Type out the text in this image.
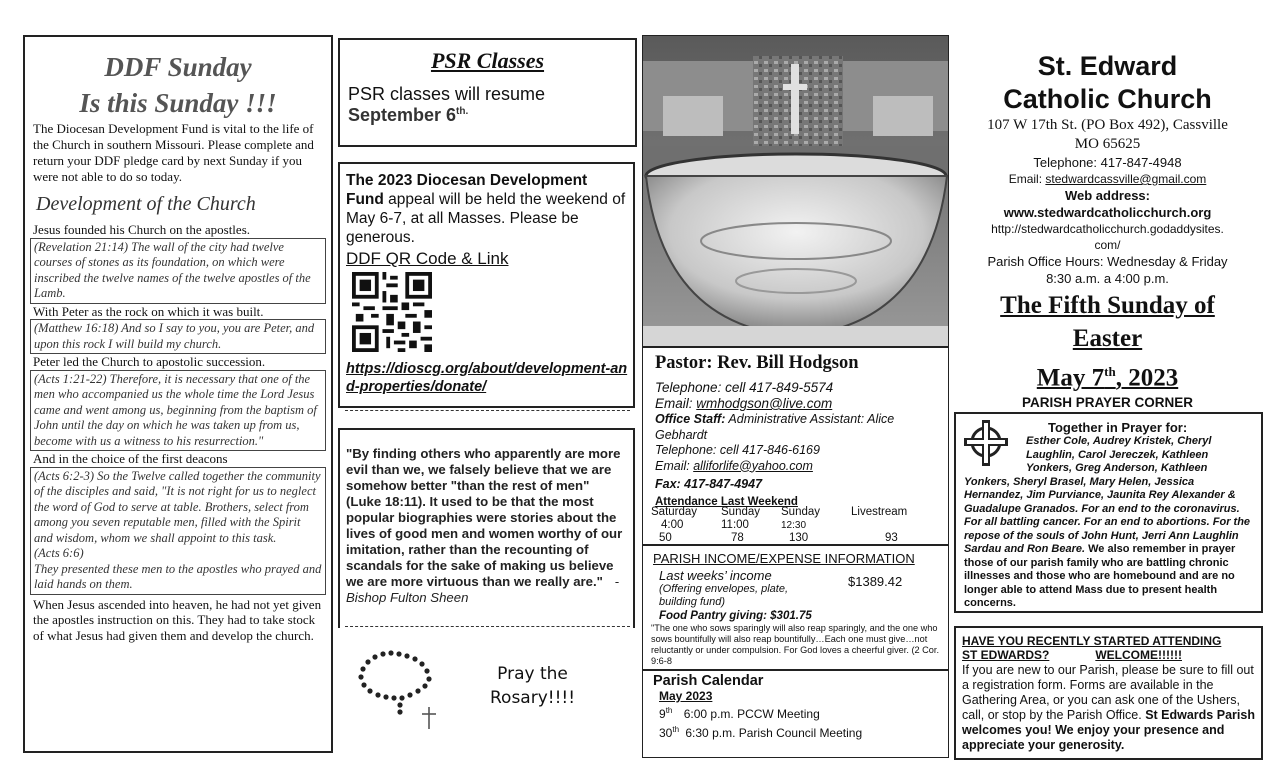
DDF Sunday
Is this Sunday !!!

The Diocesan Development Fund is vital to the life of the Church in southern Missouri. Please complete and return your DDF pledge card by next Sunday if you were not able to do so today.

Development of the Church
Jesus founded his Church on the apostles.
(Revelation 21:14) The wall of the city had twelve courses of stones as its foundation, on which were inscribed the twelve names of the twelve apostles of the Lamb.
With Peter as the rock on which it was built.
(Matthew 16:18) And so I say to you, you are Peter, and upon this rock I will build my church.
Peter led the Church to apostolic succession.
(Acts 1:21-22) Therefore, it is necessary that one of the men who accompanied us the whole time the Lord Jesus came and went among us, beginning from the baptism of John until the day on which he was taken up from us, become with us a witness to his resurrection."
And in the choice of the first deacons
(Acts 6:2-3) So the Twelve called together the community of the disciples and said, "It is not right for us to neglect the word of God to serve at table. Brothers, select from among you seven reputable men, filled with the Spirit and wisdom, whom we shall appoint to this task.
(Acts 6:6)
They presented these men to the apostles who prayed and laid hands on them.
When Jesus ascended into heaven, he had not yet given the apostles instruction on this. They had to take stock of what Jesus had given them and develop the church.
PSR Classes
PSR classes will resume
September $6^{th.}$
The 2023 Diocesan Development Fund appeal will be held the weekend of May 6-7, at all Masses. Please be generous.
DDF QR Code & Link
https://dioscg.org/about/development-and-properties/donate/
"By finding others who apparently are more evil than we, we falsely believe that we are somehow better "than the rest of men" (Luke 18:11). It used to be that the most popular biographies were stories about the lives of good men and women worthy of our imitation, rather than the recounting of scandals for the sake of making us believe we are more virtuous than we really are." -Bishop Fulton Sheen
Pray the
Rosary!!!!
Pastor: Rev. Bill Hodgson
Telephone: cell 417-849-5574
Email: wmhodgson@live.com
Office Staff: Administrative Assistant: Alice Gebhardt
Telephone: cell 417-846-6169
Email: alliforlife@yahoo.com
Fax: 417-847-4947
Attendance Last Weekend
Saturday	Sunday	Sunday	Livestream
4:00	11:00	12:30
50	78	130	93
PARISH INCOME/EXPENSE INFORMATION
Last weeks’ income	$1389.42
(Offering envelopes, plate,
building fund)
Food Pantry giving: $301.75
"The one who sows sparingly will also reap sparingly, and the one who sows bountifully will also reap bountifully…Each one must give…not reluctantly or under compulsion. For God loves a cheerful giver. (2 Cor. 9:6-8
Parish Calendar
May 2023
9th 6:00 p.m. PCCW Meeting
30th 6:30 p.m. Parish Council Meeting
St. Edward
Catholic Church
107 W 17th St. (PO Box 492), Cassville
MO 65625
Telephone: 417-847-4948
Email: stedwardcassville@gmail.com
Web address:
www.stedwardcatholicchurch.org
http://stedwardcatholicchurch.godaddysites.
com/
Parish Office Hours: Wednesday & Friday
8:30 a.m. a 4:00 p.m.
The Fifth Sunday of
Easter
May 7th, 2023
PARISH PRAYER CORNER
Together in Prayer for:
Esther Cole, Audrey Kristek, Cheryl Laughlin, Carol Jereczek, Kathleen Yonkers, Greg Anderson, Kathleen
Yonkers, Sheryl Brasel, Mary Helen, Jessica Hernandez, Jim Purviance, Jaunita Rey Alexander & Guadalupe Granados. For an end to the coronavirus. For all battling cancer. For an end to abortions. For the repose of the souls of John Hunt, Jerri Ann Laughlin Sardau and Ron Beare. We also remember in prayer those of our parish family who are battling chronic illnesses and those who are homebound and are no longer able to attend Mass due to present health concerns.
HAVE YOU RECENTLY STARTED ATTENDING
ST EDWARDS?	WELCOME!!!!!!
If you are new to our Parish, please be sure to fill out a registration form. Forms are available in the Gathering Area, or you can ask one of the Ushers, call, or stop by the Parish Office. St Edwards Parish welcomes you! We enjoy your presence and appreciate your generosity.
